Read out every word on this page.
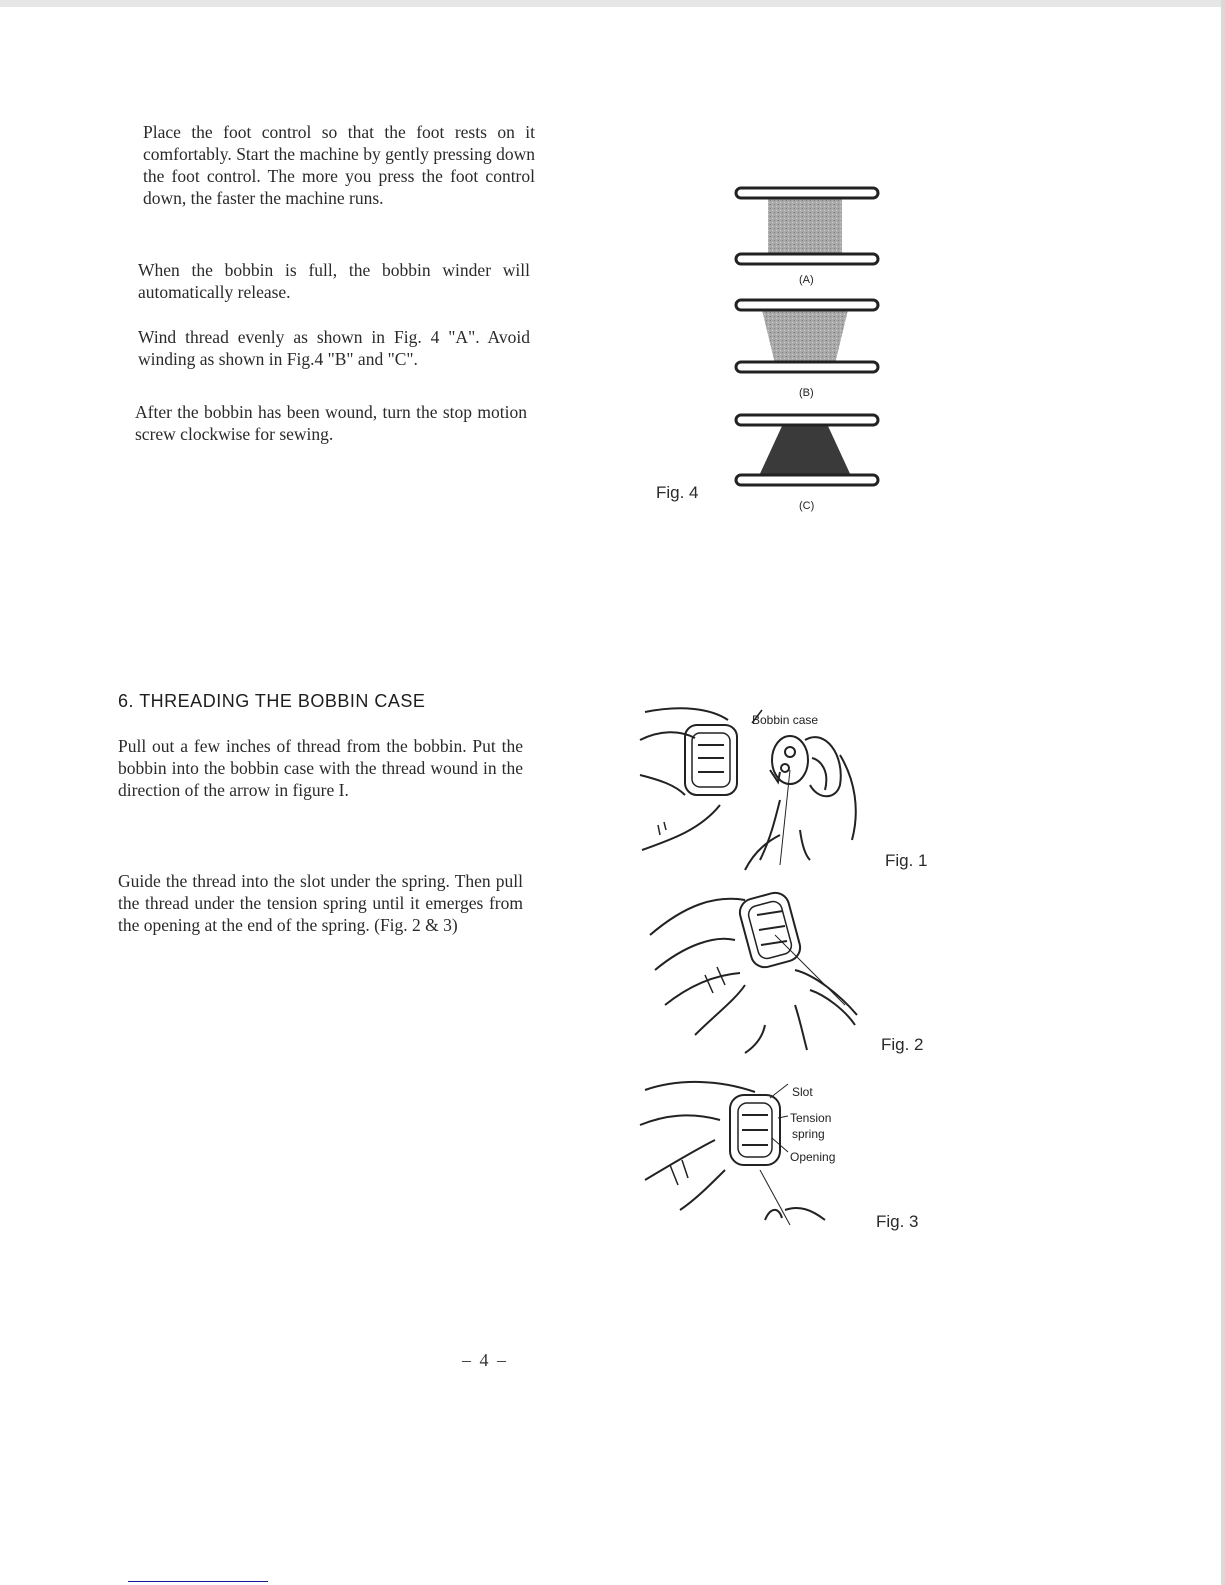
Place the foot control so that the foot rests on it comfortably. Start the machine by gently pressing down the foot control. The more you press the foot control down, the faster the machine runs.

When the bobbin is full, the bobbin winder will automatically release.

Wind thread evenly as shown in Fig. 4 "A". Avoid winding as shown in Fig.4 "B" and "C".

After the bobbin has been wound, turn the stop motion screw clockwise for sewing.

(A)
(B)
(C)
Fig. 4
6. THREADING THE BOBBIN CASE

Pull out a few inches of thread from the bobbin. Put the bobbin into the bobbin case with the thread wound in the direction of the arrow in figure I.

Guide the thread into the slot under the spring. Then pull the thread under the tension spring until it emerges from the opening at the end of the spring. (Fig. 2 & 3)

Bobbin case
Fig. 1
Fig. 2
Slot
Tension
spring
Opening
Fig. 3
– 4 –
